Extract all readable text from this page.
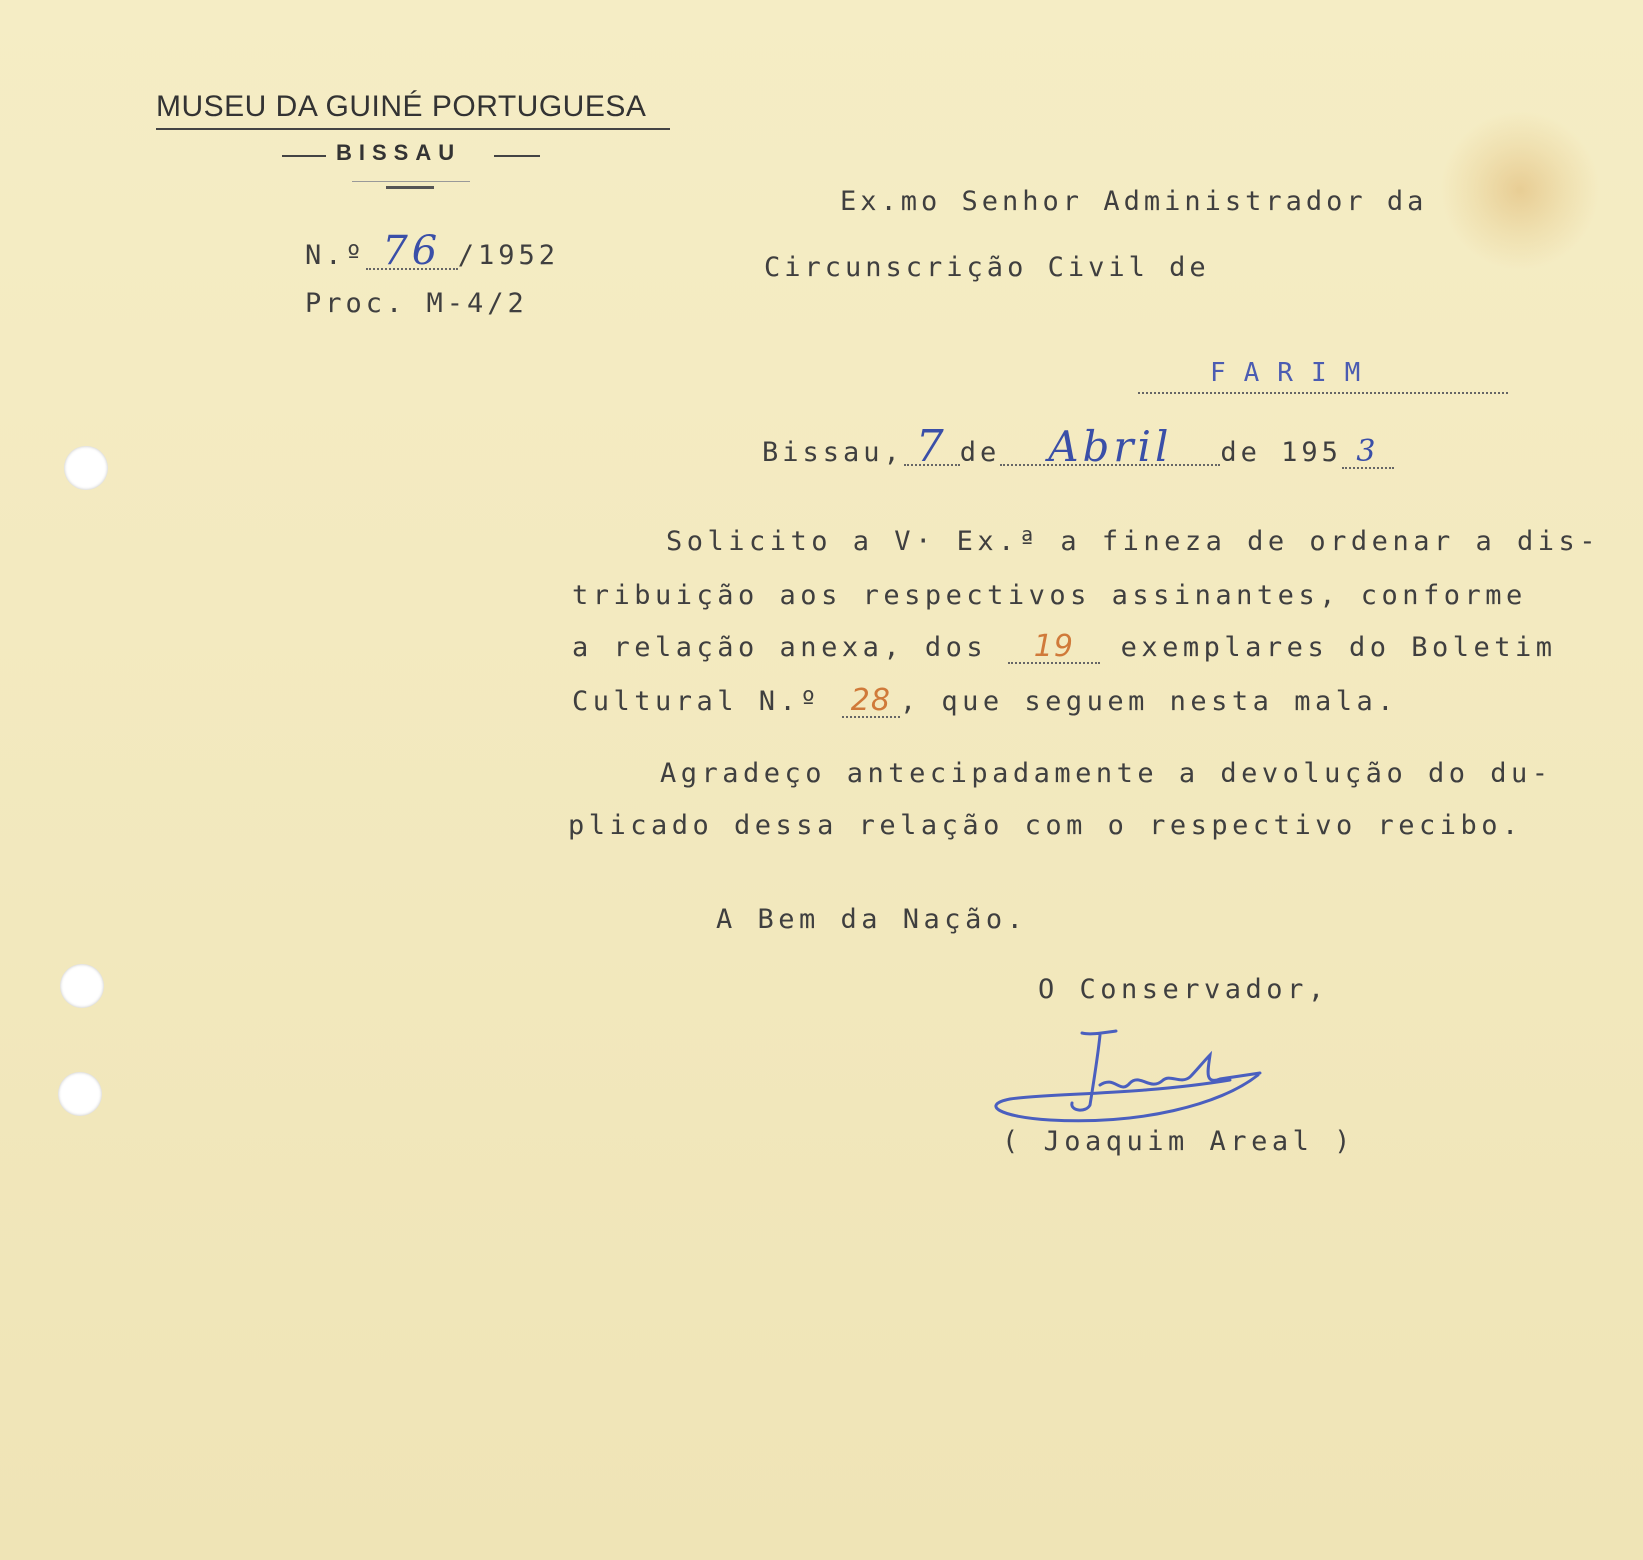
MUSEU DA GUINÉ PORTUGUESA
BISSAU
N.º 76 /1952
Proc. M-4/2
Ex.mo Senhor Administrador da
Circunscrição Civil de
FARIM
Bissau, 7 de Abril de 195 3
Solicito a V· Ex.ª a fineza de ordenar a dis-
tribuição aos respectivos assinantes, conforme
a relação anexa, dos 19 exemplares do Boletim
Cultural N.º 28 , que seguem nesta mala.
Agradeço antecipadamente a devolução do du-
plicado dessa relação com o respectivo recibo.
A Bem da Nação.
O Conservador,
( Joaquim Areal )
